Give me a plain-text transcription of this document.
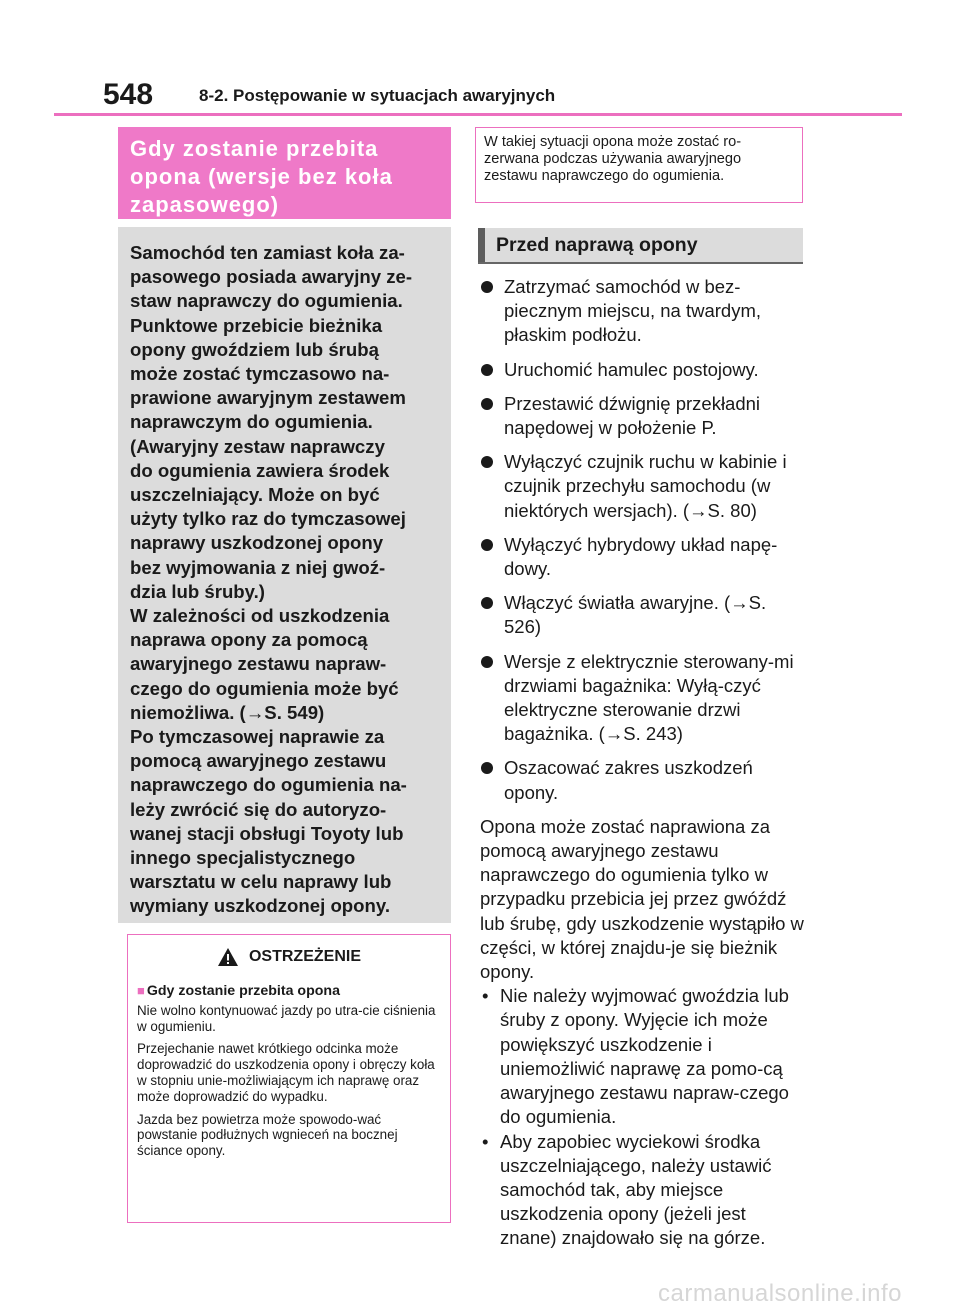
548	8-2. Postępowanie w sytuacjach awaryjnych
Gdy zostanie przebita opona (wersje bez koła zapasowego)

Samochód ten zamiast koła za-

pasowego posiada awaryjny ze-

staw naprawczy do ogumienia.

Punktowe przebicie bieżnika

opony gwoździem lub śrubą

może zostać tymczasowo na-

prawione awaryjnym zestawem

naprawczym do ogumienia.

(Awaryjny zestaw naprawczy

do ogumienia zawiera środek

uszczelniający. Może on być

użyty tylko raz do tymczasowej

naprawy uszkodzonej opony

bez wyjmowania z niej gwoź-

dzia lub śruby.)

W zależności od uszkodzenia

naprawa opony za pomocą

awaryjnego zestawu napraw-

czego do ogumienia może być

niemożliwa. (→S. 549)

Po tymczasowej naprawie za

pomocą awaryjnego zestawu

naprawczego do ogumienia na-

leży zwrócić się do autoryzo-

wanej stacji obsługi Toyoty lub

innego specjalistycznego

warsztatu w celu naprawy lub

wymiany uszkodzonej opony.

OSTRZEŻENIE
■ Gdy zostanie przebita opona

Nie wolno kontynuować jazdy po utra-cie ciśnienia w ogumieniu.

Przejechanie nawet krótkiego odcinka może doprowadzić do uszkodzenia opony i obręczy koła w stopniu unie-możliwiającym ich naprawę oraz może doprowadzić do wypadku.

Jazda bez powietrza może spowodo-wać powstanie podłużnych wgnieceń na bocznej ściance opony.

W takiej sytuacji opona może zostać ro-zerwana podczas używania awaryjnego zestawu naprawczego do ogumienia.
Przed naprawą opony
Zatrzymać samochód w bez-piecznym miejscu, na twardym, płaskim podłożu.
Uruchomić hamulec postojowy.
Przestawić dźwignię przekładni napędowej w położenie P.
Wyłączyć czujnik ruchu w kabinie i czujnik przechyłu samochodu (w niektórych wersjach). (→S. 80)
Wyłączyć hybrydowy układ napę-dowy.
Włączyć światła awaryjne. (→S. 526)
Wersje z elektrycznie sterowany-mi drzwiami bagażnika: Wyłą-czyć elektryczne sterowanie drzwi bagażnika. (→S. 243)
Oszacować zakres uszkodzeń opony.

Opona może zostać naprawiona za pomocą awaryjnego zestawu naprawczego do ogumienia tylko w przypadku przebicia jej przez gwóźdź lub śrubę, gdy uszkodzenie wystąpiło w części, w której znajdu-je się bieżnik opony.

• Nie należy wyjmować gwoździa lub śruby z opony. Wyjęcie ich może powiększyć uszkodzenie i uniemożliwić naprawę za pomo-cą awaryjnego zestawu napraw-czego do ogumienia.
• Aby zapobiec wyciekowi środka uszczelniającego, należy ustawić samochód tak, aby miejsce uszkodzenia opony (jeżeli jest znane) znajdowało się na górze.
carmanualsonline.info
